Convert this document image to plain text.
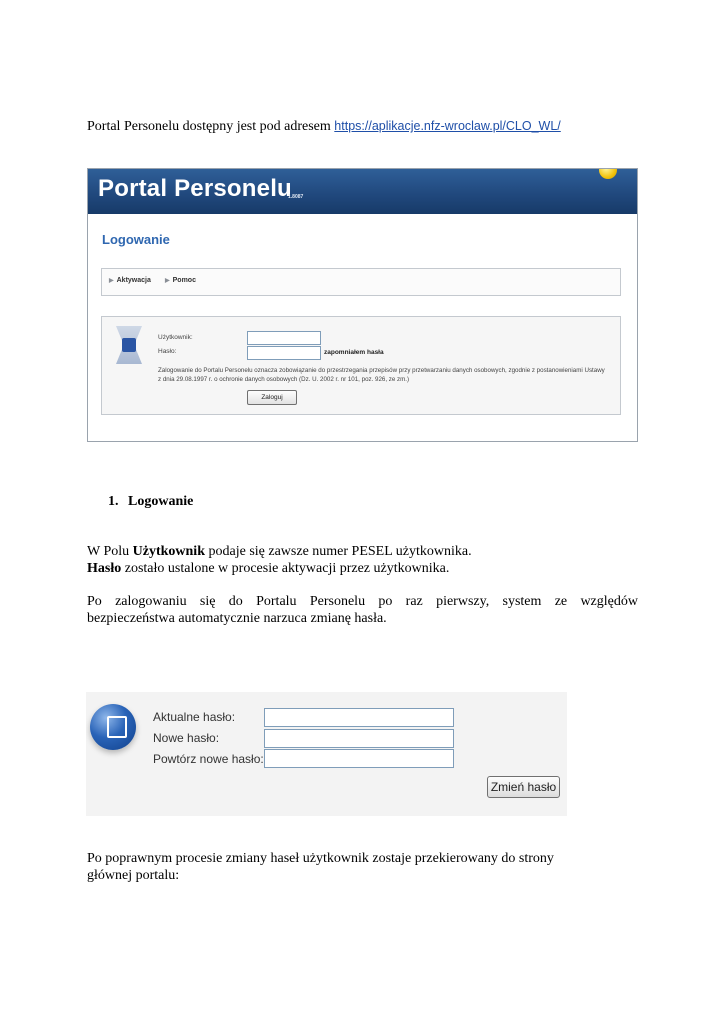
Portal Personelu dostępny jest pod adresem https://aplikacje.nfz-wroclaw.pl/CLO_WL/
Portal Personelu
1.8087
Logowanie
▶ Aktywacja ▶ Pomoc
Użytkownik:
Hasło:	zapomniałem hasła
Zalogowanie do Portalu Personelu oznacza zobowiązanie do przestrzegania przepisów przy przetwarzaniu danych osobowych, zgodnie z postanowieniami Ustawy z dnia 29.08.1997 r. o ochronie danych osobowych (Dz. U. 2002 r. nr 101, poz. 926, ze zm.)
Zaloguj
1. Logowanie
W Polu Użytkownik podaje się zawsze numer PESEL użytkownika.
Hasło zostało ustalone w procesie aktywacji przez użytkownika.
Po zalogowaniu się do Portalu Personelu po raz pierwszy, system ze względów
bezpieczeństwa automatycznie narzuca zmianę hasła.
Aktualne hasło:
Nowe hasło:
Powtórz nowe hasło:
Zmień hasło
Po poprawnym procesie zmiany haseł użytkownik zostaje przekierowany do strony
głównej portalu:
